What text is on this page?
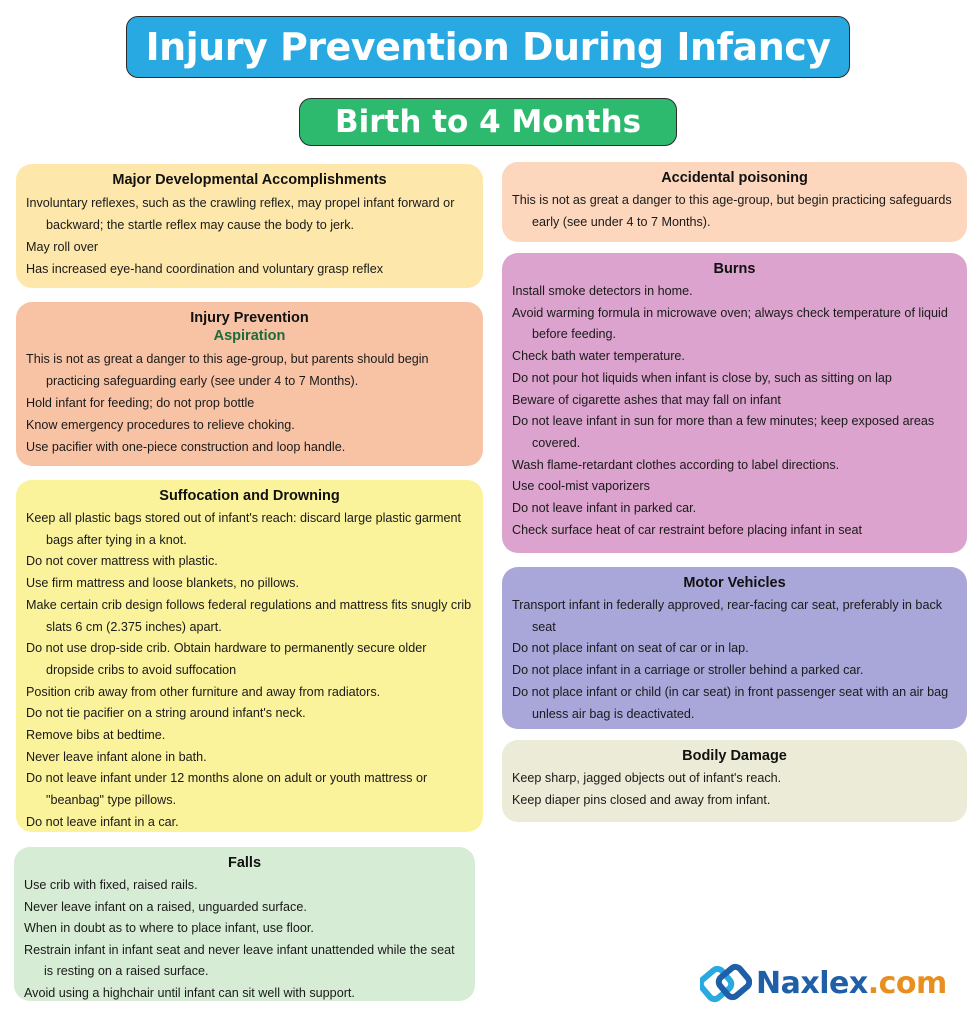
Injury Prevention During Infancy
Birth to 4 Months
Major Developmental Accomplishments
Involuntary reflexes, such as the crawling reflex, may propel infant forward or backward; the startle reflex may cause the body to jerk.
May roll over
Has increased eye-hand coordination and voluntary grasp reflex
Injury Prevention
Aspiration
This is not as great a danger to this age-group, but parents should begin practicing safeguarding early (see under 4 to 7 Months).
Hold infant for feeding; do not prop bottle
Know emergency procedures to relieve choking.
Use pacifier with one-piece construction and loop handle.
Suffocation and Drowning
Keep all plastic bags stored out of infant's reach: discard large plastic garment bags after tying in a knot.
Do not cover mattress with plastic.
Use firm mattress and loose blankets, no pillows.
Make certain crib design follows federal regulations and mattress fits snugly crib slats 6 cm (2.375 inches) apart.
Do not use drop-side crib. Obtain hardware to permanently secure older dropside cribs to avoid suffocation
Position crib away from other furniture and away from radiators.
Do not tie pacifier on a string around infant's neck.
Remove bibs at bedtime.
Never leave infant alone in bath.
Do not leave infant under 12 months alone on adult or youth mattress or "beanbag" type pillows.
Do not leave infant in a car.
Falls
Use crib with fixed, raised rails.
Never leave infant on a raised, unguarded surface.
When in doubt as to where to place infant, use floor.
Restrain infant in infant seat and never leave infant unattended while the seat is resting on a raised surface.
Avoid using a highchair until infant can sit well with support.
Accidental poisoning
This is not as great a danger to this age-group, but begin practicing safeguards early (see under 4 to 7 Months).
Burns
Install smoke detectors in home.
Avoid warming formula in microwave oven; always check temperature of liquid before feeding.
Check bath water temperature.
Do not pour hot liquids when infant is close by, such as sitting on lap
Beware of cigarette ashes that may fall on infant
Do not leave infant in sun for more than a few minutes; keep exposed areas covered.
Wash flame-retardant clothes according to label directions.
Use cool-mist vaporizers
Do not leave infant in parked car.
Check surface heat of car restraint before placing infant in seat
Motor Vehicles
Transport infant in federally approved, rear-facing car seat, preferably in back seat
Do not place infant on seat of car or in lap.
Do not place infant in a carriage or stroller behind a parked car.
Do not place infant or child (in car seat) in front passenger seat with an air bag unless air bag is deactivated.
Bodily Damage
Keep sharp, jagged objects out of infant's reach.
Keep diaper pins closed and away from infant.
Naxlex.com
